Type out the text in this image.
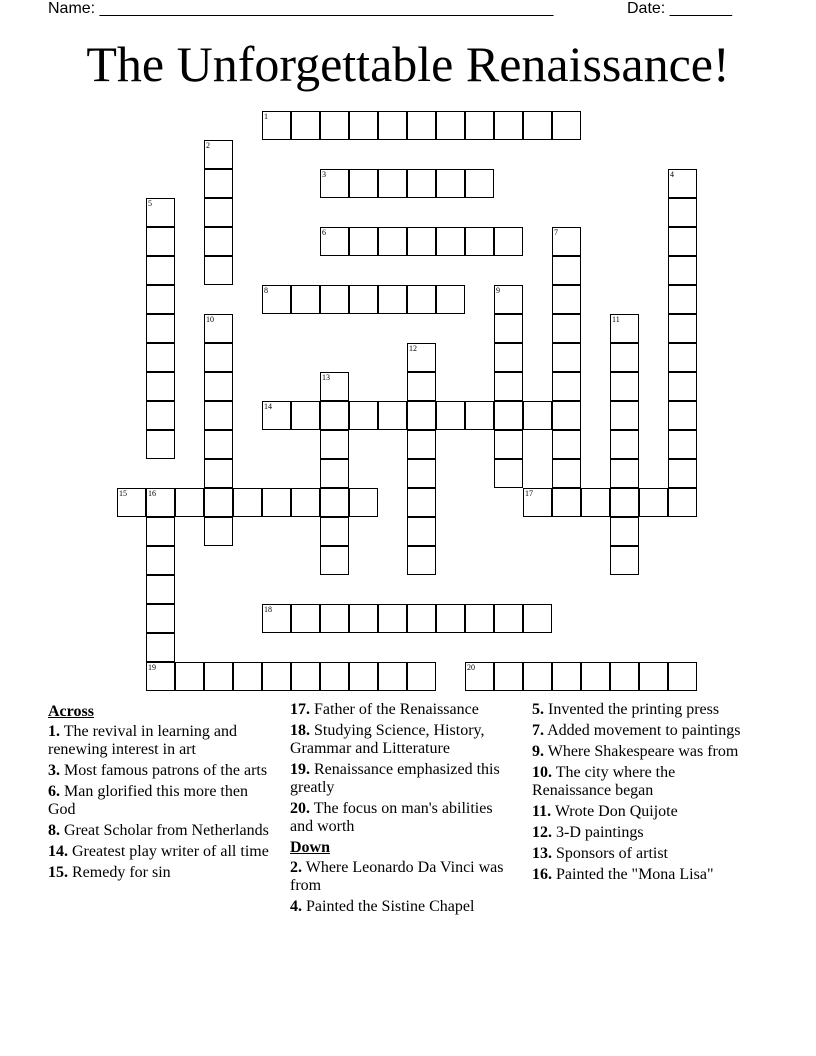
Name: ___________________________________________________	Date: _______
The Unforgettable Renaissance!
1
2
3	4
5
6	7
8	9
10	11
12
13
14
15	16	17
18
19	20
Across
1. The revival in learning and renewing interest in art
3. Most famous patrons of the arts
6. Man glorified this more then God
8. Great Scholar from Netherlands
14. Greatest play writer of all time
15. Remedy for sin
17. Father of the Renaissance
18. Studying Science, History, Grammar and Litterature
19. Renaissance emphasized this greatly
20. The focus on man's abilities and worth
Down
2. Where Leonardo Da Vinci was from
4. Painted the Sistine Chapel
5. Invented the printing press
7. Added movement to paintings
9. Where Shakespeare was from
10. The city where the Renaissance began
11. Wrote Don Quijote
12. 3-D paintings
13. Sponsors of artist
16. Painted the "Mona Lisa"
